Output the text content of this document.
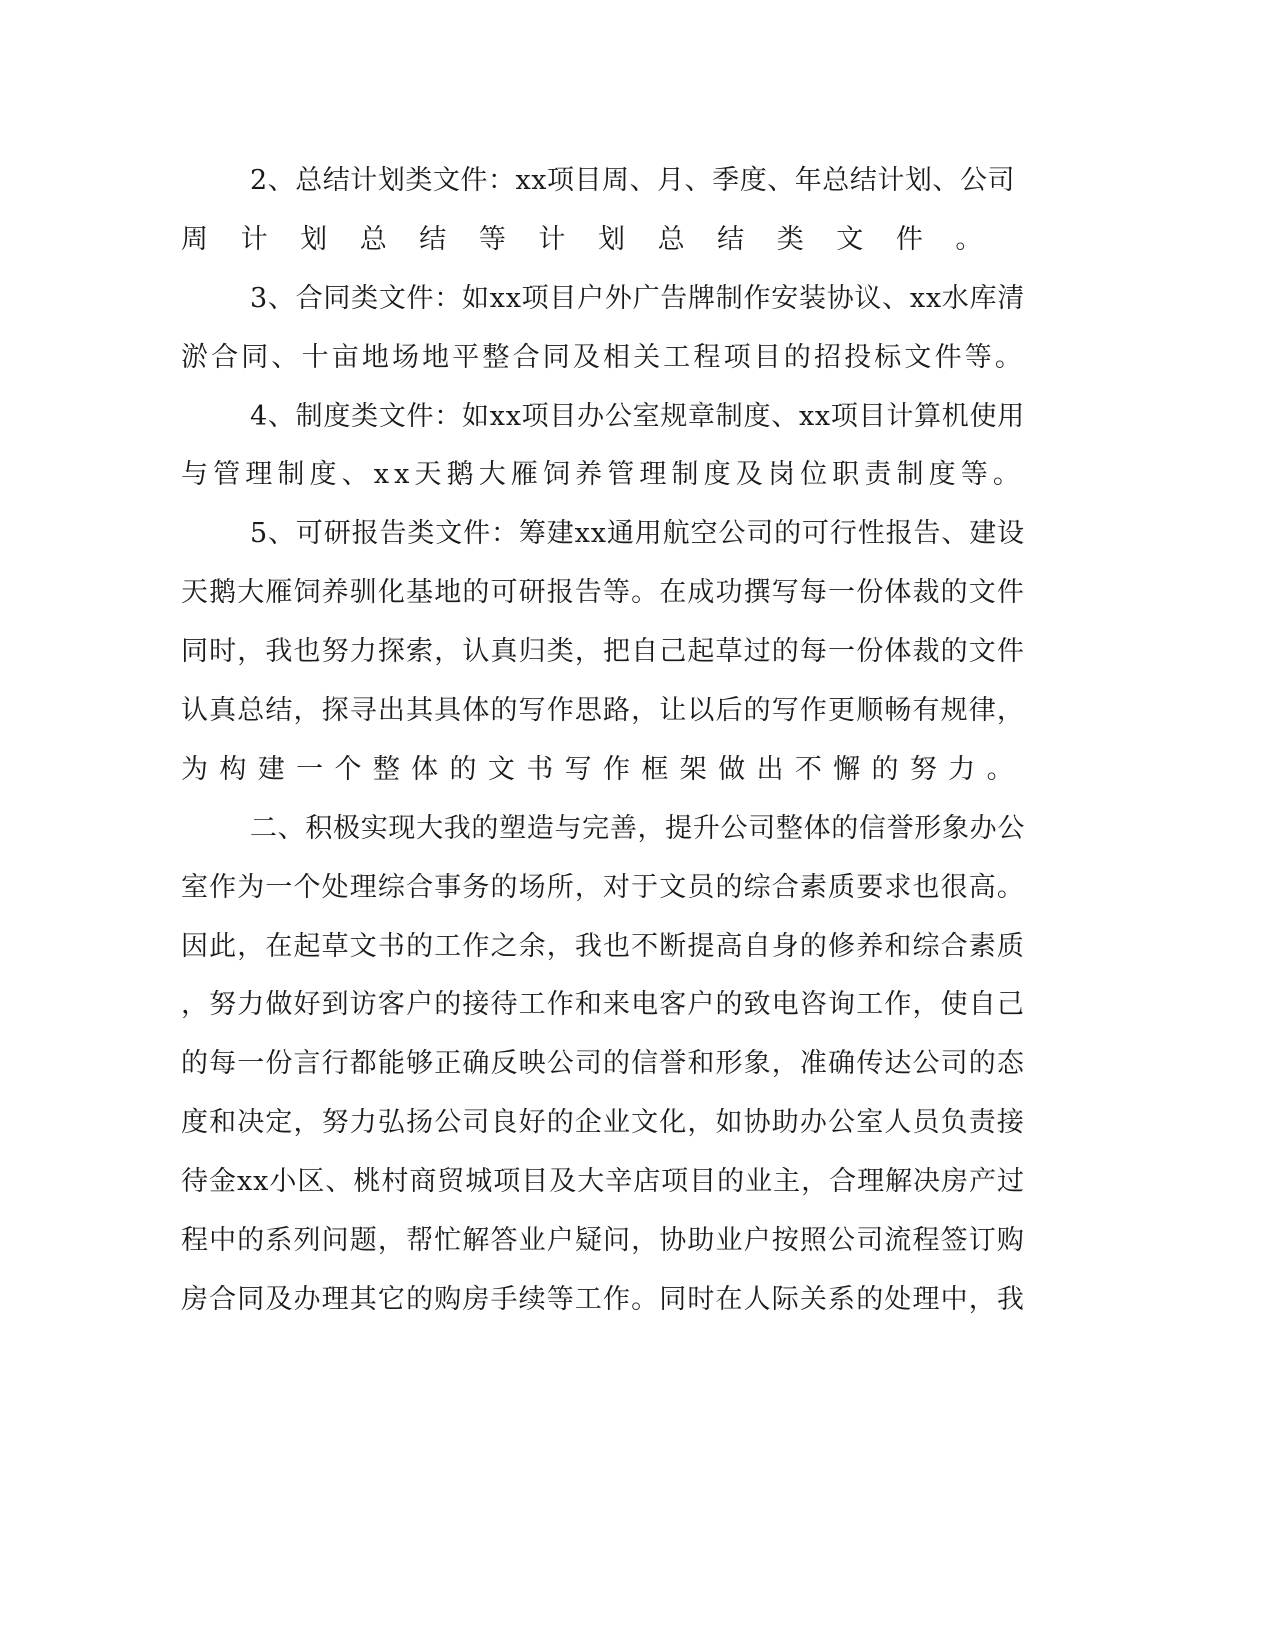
2、总结计划类文件：xx项目周、月、季度、年总结计划、公司
周计划总结等计划总结类文件。
3、合同类文件：如xx项目户外广告牌制作安装协议、xx水库清
淤合同、十亩地场地平整合同及相关工程项目的招投标文件等。
4、制度类文件：如xx项目办公室规章制度、xx项目计算机使用
与管理制度、xx天鹅大雁饲养管理制度及岗位职责制度等。
5、可研报告类文件：筹建xx通用航空公司的可行性报告、建设
天鹅大雁饲养驯化基地的可研报告等。在成功撰写每一份体裁的文件
同时，我也努力探索，认真归类，把自己起草过的每一份体裁的文件
认真总结，探寻出其具体的写作思路，让以后的写作更顺畅有规律，
为构建一个整体的文书写作框架做出不懈的努力。
二、积极实现大我的塑造与完善，提升公司整体的信誉形象办公
室作为一个处理综合事务的场所，对于文员的综合素质要求也很高。
因此，在起草文书的工作之余，我也不断提高自身的修养和综合素质
，努力做好到访客户的接待工作和来电客户的致电咨询工作，使自己
的每一份言行都能够正确反映公司的信誉和形象，准确传达公司的态
度和决定，努力弘扬公司良好的企业文化，如协助办公室人员负责接
待金xx小区、桃村商贸城项目及大辛店项目的业主，合理解决房产过
程中的系列问题，帮忙解答业户疑问，协助业户按照公司流程签订购
房合同及办理其它的购房手续等工作。同时在人际关系的处理中，我
